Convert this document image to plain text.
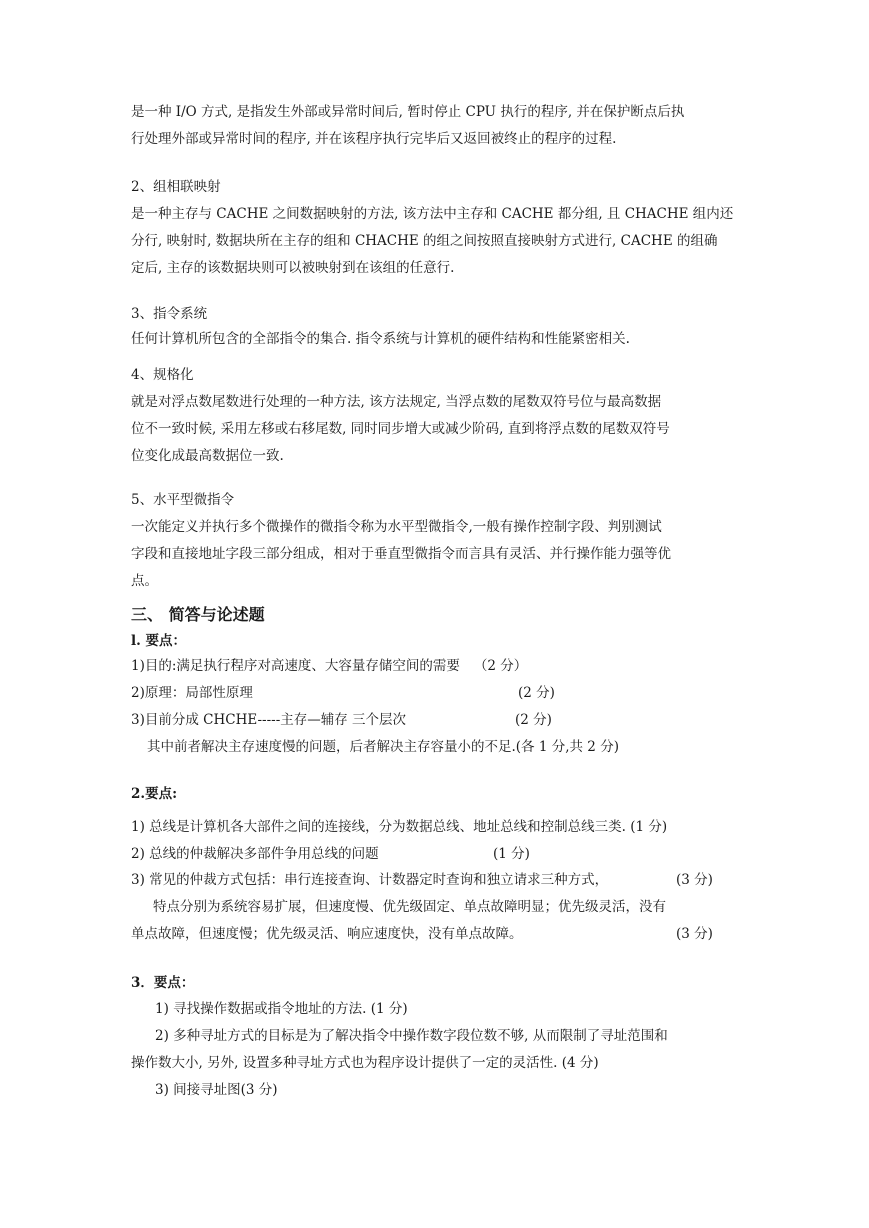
是一种 I/O 方式, 是指发生外部或异常时间后, 暂时停止 CPU 执行的程序, 并在保护断点后执
行处理外部或异常时间的程序, 并在该程序执行完毕后又返回被终止的程序的过程.
2、组相联映射
是一种主存与 CACHE 之间数据映射的方法, 该方法中主存和 CACHE 都分组, 且 CHACHE 组内还
分行, 映射时, 数据块所在主存的组和 CHACHE 的组之间按照直接映射方式进行, CACHE 的组确
定后, 主存的该数据块则可以被映射到在该组的任意行.
3、指令系统
任何计算机所包含的全部指令的集合. 指令系统与计算机的硬件结构和性能紧密相关.
4、规格化
就是对浮点数尾数进行处理的一种方法, 该方法规定, 当浮点数的尾数双符号位与最高数据
位不一致时候, 采用左移或右移尾数, 同时同步增大或减少阶码, 直到将浮点数的尾数双符号
位变化成最高数据位一致.
5、水平型微指令
一次能定义并执行多个微操作的微指令称为水平型微指令,一般有操作控制字段、判别测试
字段和直接地址字段三部分组成，相对于垂直型微指令而言具有灵活、并行操作能力强等优
点。
三、 简答与论述题
l. 要点：
1)目的:满足执行程序对高速度、大容量存储空间的需要 （2 分）
2)原理：局部性原理	(2 分)
3)目前分成 CHCHE-----主存—辅存 三个层次	(2 分)
其中前者解决主存速度慢的问题，后者解决主存容量小的不足.(各 1 分,共 2 分)
2.要点:
1) 总线是计算机各大部件之间的连接线，分为数据总线、地址总线和控制总线三类. (1 分)
2) 总线的仲裁解决多部件争用总线的问题	(1 分)
3) 常见的仲裁方式包括：串行连接查询、计数器定时查询和独立请求三种方式，	(3 分)
特点分别为系统容易扩展，但速度慢、优先级固定、单点故障明显；优先级灵活，没有
单点故障，但速度慢；优先级灵活、响应速度快，没有单点故障。	(3 分)
3．要点：
1) 寻找操作数据或指令地址的方法. (1 分)
2) 多种寻址方式的目标是为了解决指令中操作数字段位数不够, 从而限制了寻址范围和
操作数大小, 另外, 设置多种寻址方式也为程序设计提供了一定的灵活性. (4 分)
3) 间接寻址图(3 分)
